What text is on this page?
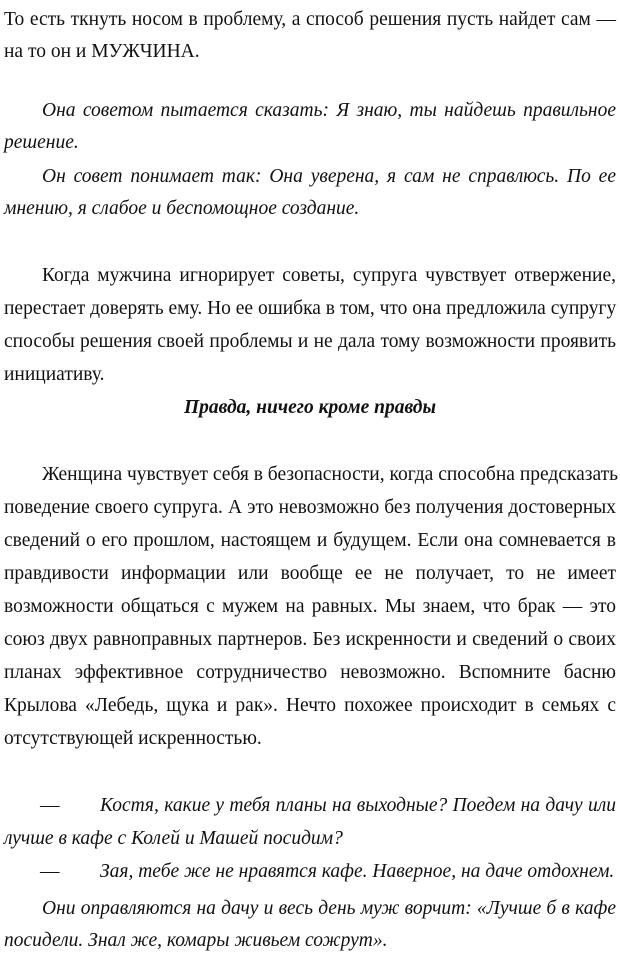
То есть ткнуть носом в проблему, а способ решения пусть найдет сам —
на то он и МУЖЧИНА.
Она советом пытается сказать: Я знаю, ты найдешь правильное
решение.
Он совет понимает так: Она уверена, я сам не справлюсь. По ее
мнению, я слабое и беспомощное создание.
Когда мужчина игнорирует советы, супруга чувствует отвержение,
перестает доверять ему. Но ее ошибка в том, что она предложила супругу
способы решения своей проблемы и не дала тому возможности проявить
инициативу.
Правда, ничего кроме правды
Женщина чувствует себя в безопасности, когда способна предсказать
поведение своего супруга. А это невозможно без получения достоверных
сведений о его прошлом, настоящем и будущем. Если она сомневается в
правдивости информации или вообще ее не получает, то не имеет
возможности общаться с мужем на равных. Мы знаем, что брак — это
союз двух равноправных партнеров. Без искренности и сведений о своих
планах эффективное сотрудничество невозможно. Вспомните басню
Крылова «Лебедь, щука и рак». Нечто похожее происходит в семьях с
отсутствующей искренностью.
—	Костя, какие у тебя планы на выходные? Поедем на дачу или
лучше в кафе с Колей и Машей посидим?
—	Зая, тебе же не нравятся кафе. Наверное, на даче отдохнем.
Они оправляются на дачу и весь день муж ворчит: «Лучше б в кафе
посидели. Знал же, комары живьем сожрут».
